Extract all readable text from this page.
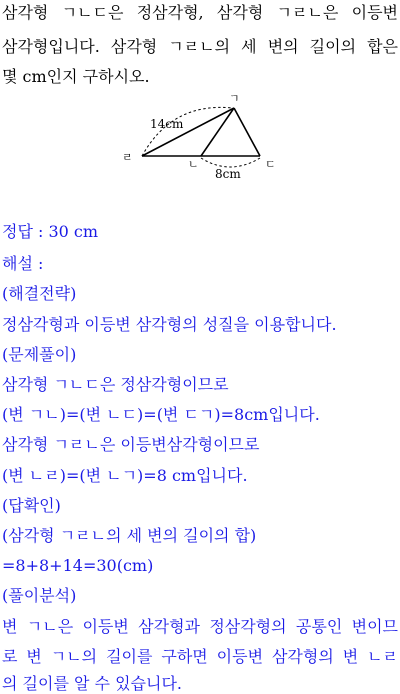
삼각형 ㄱㄴㄷ은 정삼각형, 삼각형 ㄱㄹㄴ은 이등변
삼각형입니다. 삼각형 ㄱㄹㄴ의 세 변의 길이의 합은
몇 cm인지 구하시오.
ㄱ
ㄹ
ㄴ	ㄷ
14cm
8cm
정답 : 30 cm
해설 :
(해결전략)
정삼각형과 이등변 삼각형의 성질을 이용합니다.
(문제풀이)
삼각형 ㄱㄴㄷ은 정삼각형이므로
(변 ㄱㄴ)=(변 ㄴㄷ)=(변 ㄷㄱ)=8cm입니다.
삼각형 ㄱㄹㄴ은 이등변삼각형이므로
(변 ㄴㄹ)=(변 ㄴㄱ)=8 cm입니다.
(답확인)
(삼각형 ㄱㄹㄴ의 세 변의 길이의 합)
=8+8+14=30(cm)
(풀이분석)
변 ㄱㄴ은 이등변 삼각형과 정삼각형의 공통인 변이므
로 변 ㄱㄴ의 길이를 구하면 이등변 삼각형의 변 ㄴㄹ
의 길이를 알 수 있습니다.
